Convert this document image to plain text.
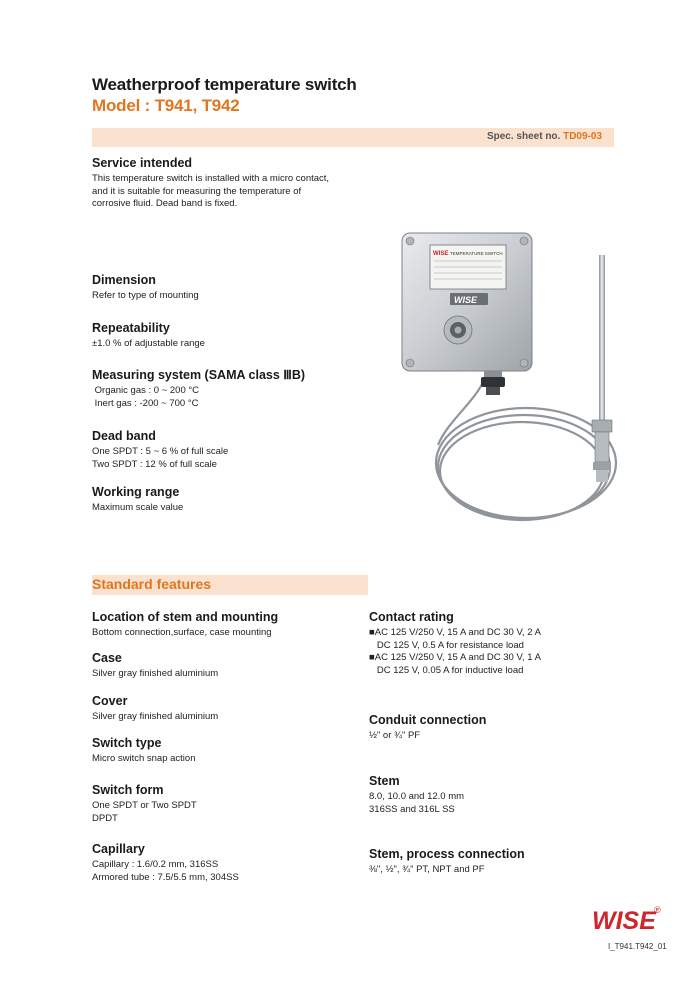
Weatherproof temperature switch
Model : T941, T942
Spec. sheet no. TD09-03
Service intended

This temperature switch is installed with a micro contact,

and it is suitable for measuring the temperature of

corrosive fluid. Dead band is fixed.

Dimension

Refer to type of mounting

Repeatability

±1.0 % of adjustable range

Measuring system (SAMA class ⅢB)

Organic gas : 0 ~ 200 °C

Inert gas : -200 ~ 700 °C

Dead band

One SPDT : 5 ~ 6 % of full scale

Two SPDT : 12 % of full scale

Working range

Maximum scale value

WISE TEMPERATURE SWITCH
WISE
Standard features
Location of stem and mounting

Bottom connection,surface, case mounting

Case

Silver gray finished aluminium

Cover

Silver gray finished aluminium

Switch type

Micro switch snap action

Switch form

One SPDT or Two SPDT

DPDT

Capillary

Capillary : 1.6/0.2 mm, 316SS

Armored tube : 7.5/5.5 mm, 304SS

Contact rating

■AC 125 V/250 V, 15 A and DC 30 V, 2 A

DC 125 V, 0.5 A for resistance load

■AC 125 V/250 V, 15 A and DC 30 V, 1 A

DC 125 V, 0.05 A for inductive load

Conduit connection

½" or ¾" PF

Stem

8.0, 10.0 and 12.0 mm

316SS and 316L SS

Stem, process connection

⅜", ½", ¾" PT, NPT and PF

WISE
®
I_T941.T942_01
